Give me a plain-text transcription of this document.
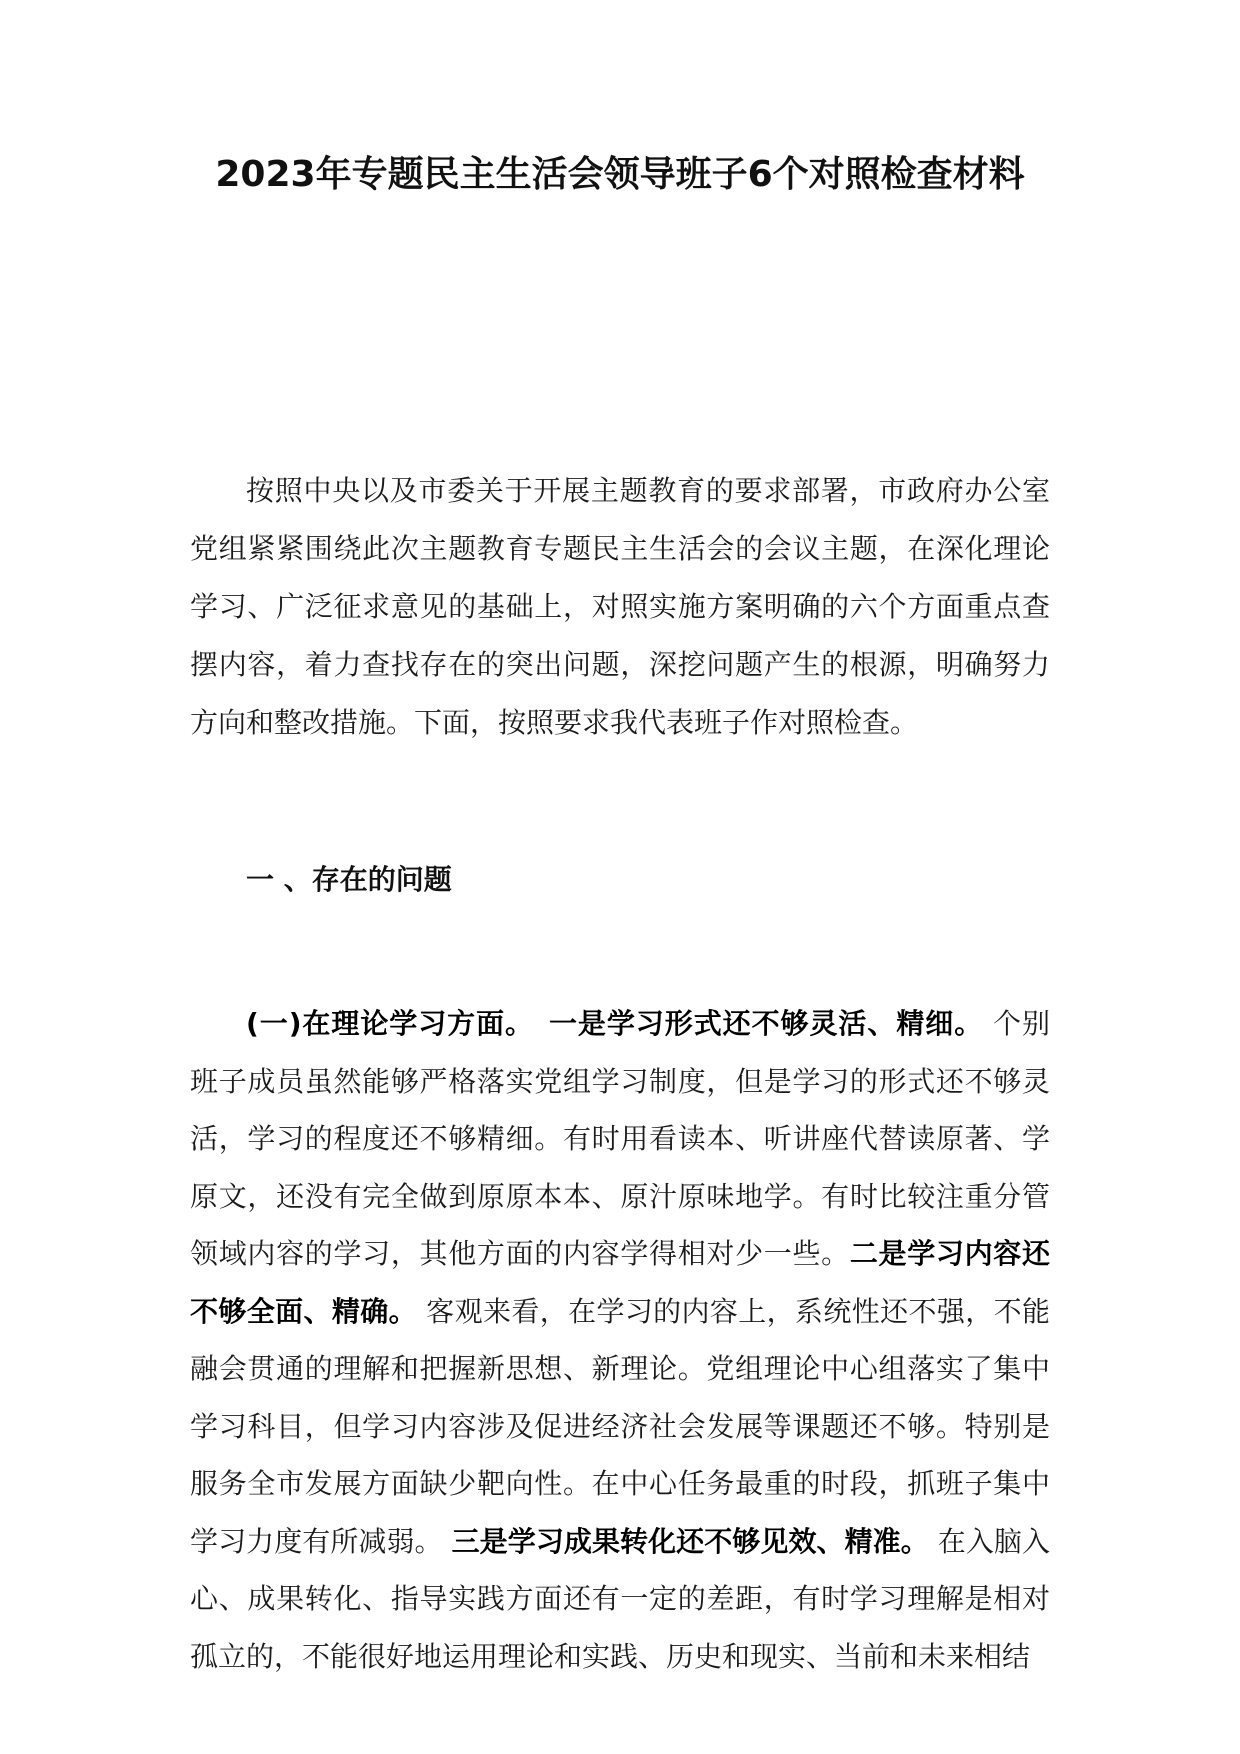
2023年专题民主生活会领导班子6个对照检查材料

按照中央以及市委关于开展主题教育的要求部署，市政府办公室党组紧紧围绕此次主题教育专题民主生活会的会议主题，在深化理论学习、广泛征求意见的基础上，对照实施方案明确的六个方面重点查摆内容，着力查找存在的突出问题，深挖问题产生的根源，明确努力方向和整改措施。下面，按照要求我代表班子作对照检查。

一 、存在的问题

(一)在理论学习方面。　 一是学习形式还不够灵活、精细。 个别班子成员虽然能够严格落实党组学习制度，但是学习的形式还不够灵活，学习的程度还不够精细。有时用看读本、听讲座代替读原著、学原文，还没有完全做到原原本本、原汁原味地学。有时比较注重分管领域内容的学习，其他方面的内容学得相对少一些。二是学习内容还不够全面、精确。 客观来看，在学习的内容上，系统性还不强，不能融会贯通的理解和把握新思想、新理论。党组理论中心组落实了集中学习科目，但学习内容涉及促进经济社会发展等课题还不够。特别是服务全市发展方面缺少靶向性。在中心任务最重的时段，抓班子集中学习力度有所减弱。 三是学习成果转化还不够见效、精准。 在入脑入心、成果转化、指导实践方面还有一定的差距，有时学习理解是相对孤立的，不能很好地运用理论和实践、历史和现实、当前和未来相结
